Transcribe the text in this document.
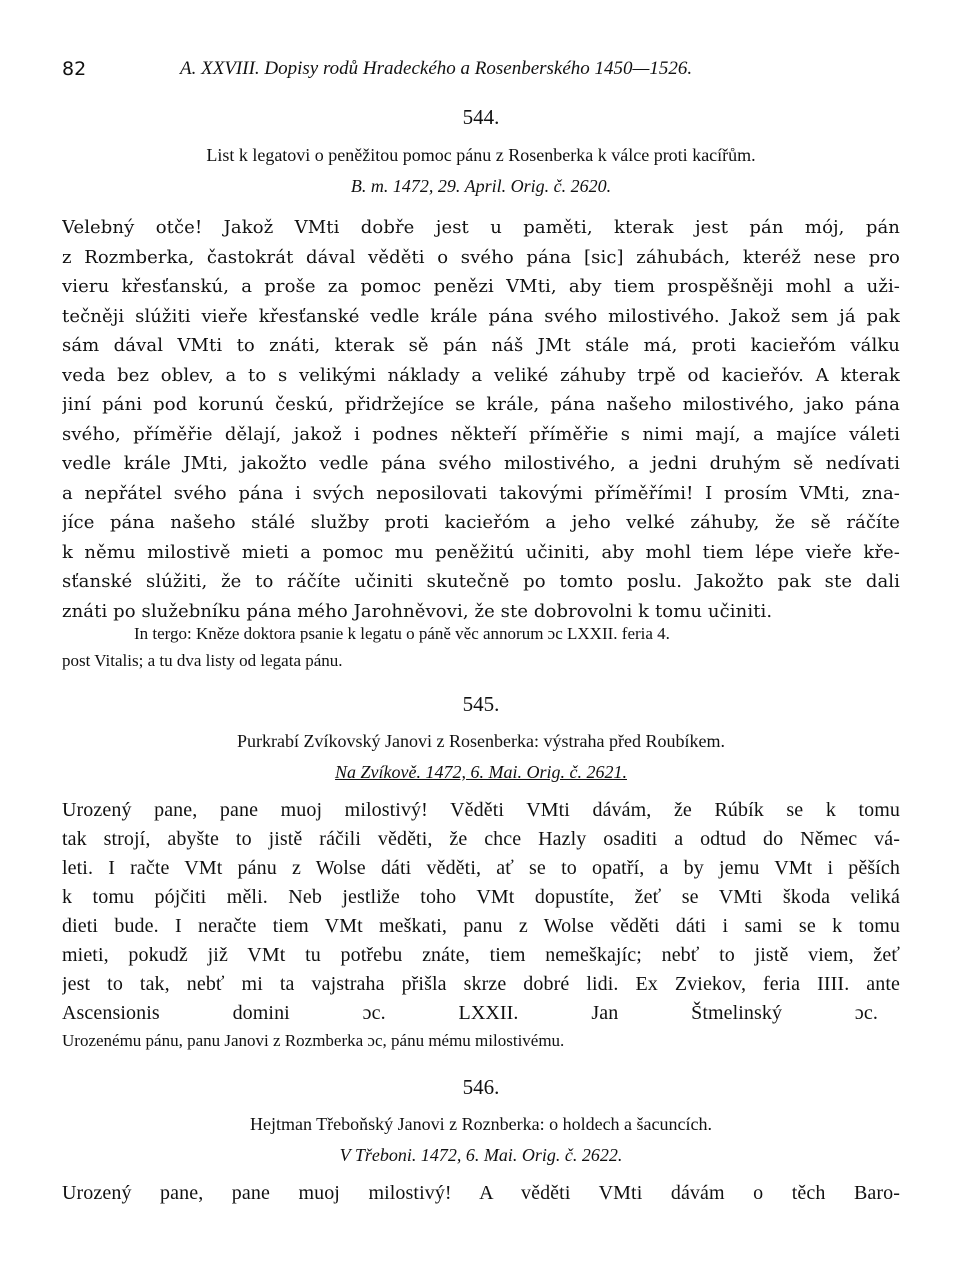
82	A. XXVIII. Dopisy rodů Hradeckého a Rosenberského 1450—1526.
544.
List k legatovi o peněžitou pomoc pánu z Rosenberka k válce proti kacířům.
B. m. 1472, 29. April. Orig. č. 2620.
Velebný otče! Jakož VMti dobře jest u paměti, kterak jest pán mój, pán
z Rozmberka, častokrát dával věděti o svého pána [sic] záhubách, kteréž nese pro
vieru křesťanskú, a proše za pomoc penězi VMti, aby tiem prospěšněji mohl a uži-
tečněji slúžiti vieře křesťanské vedle krále pána svého milostivého. Jakož sem já pak
sám dával VMti to znáti, kterak sě pán náš JMt stále má, proti kacieřóm válku
veda bez oblev, a to s velikými náklady a veliké záhuby trpě od kacieřóv. A kterak
jiní páni pod korunú českú, přidržejíce se krále, pána našeho milostivého, jako pána
svého, příměřie dělají, jakož i podnes někteří příměřie s nimi mají, a majíce váleti
vedle krále JMti, jakožto vedle pána svého milostivého, a jedni druhým sě nedívati
a nepřátel svého pána i svých neposilovati takovými příměřími! I prosím VMti, zna-
jíce pána našeho stálé služby proti kacieřóm a jeho velké záhuby, že sě ráčíte
k němu milostivě mieti a pomoc mu peněžitú učiniti, aby mohl tiem lépe vieře kře-
sťanské slúžiti, že to ráčíte učiniti skutečně po tomto poslu. Jakožto pak ste dali
znáti po služebníku pána mého Jarohněvovi, že ste dobrovolni k tomu učiniti.
In tergo: Kněze doktora psanie k legatu o páně věc annorum ɔc LXXII. feria 4.
post Vitalis; a tu dva listy od legata pánu.
545.
Purkrabí Zvíkovský Janovi z Rosenberka: výstraha před Roubíkem.
Na Zvíkově. 1472, 6. Mai. Orig. č. 2621.
Urozený pane, pane muoj milostivý! Věděti VMti dávám, že Rúbík se k tomu
tak strojí, abyšte to jistě ráčili věděti, že chce Hazly osaditi a odtud do Němec vá-
leti. I račte VMt pánu z Wolse dáti věděti, ať se to opatří, a by jemu VMt i pěších
k tomu pójčiti měli. Neb jestliže toho VMt dopustíte, žeť se VMti škoda veliká
dieti bude. I neračte tiem VMt meškati, panu z Wolse věděti dáti i sami se k tomu
mieti, pokudž již VMt tu potřebu znáte, tiem nemeškajíc; nebť to jistě viem, žeť
jest to tak, nebť mi ta vajstraha přišla skrze dobré lidi. Ex Zviekov, feria IIII. ante
Ascensionis domini ɔc. LXXII.	Jan Štmelinský ɔc.
Urozenému pánu, panu Janovi z Rozmberka ɔc, pánu mému milostivému.
546.
Hejtman Třeboňský Janovi z Roznberka: o holdech a šacuncích.
V Třeboni. 1472, 6. Mai. Orig. č. 2622.
Urozený pane, pane muoj milostivý! A věděti VMti dávám o těch Baro-
